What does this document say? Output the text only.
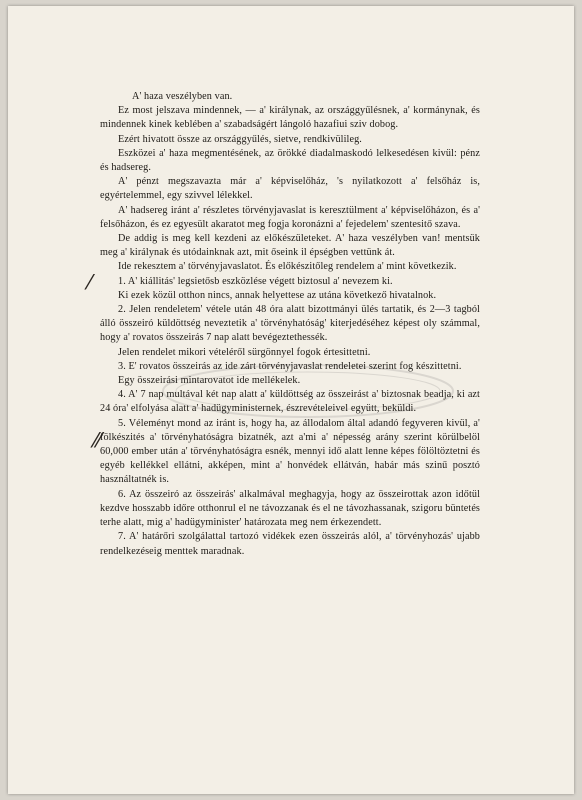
⁄
⁄⁄

A' haza veszélyben van.

Ez most jelszava mindennek, — a' királynak, az országgyűlésnek, a' kormánynak, és mindennek kinek keblében a' szabadságért lángoló hazafiui sziv dobog.

Ezért hivatott össze az országgyűlés, sietve, rendkivülileg.

Eszközei a' haza megmentésének, az örökké diadalmaskodó lelkesedésen kivül: pénz és hadsereg.

A' pénzt megszavazta már a' képviselőház, 's nyilatkozott a' felsőház is, egyértelemmel, egy szivvel lélekkel.

A' hadsereg iránt a' részletes törvényjavaslat is keresztülment a' képviselőházon, és a' felsőházon, és ez egyesült akaratot meg fogja koronázni a' fejedelem' szentesitő szava.

De addig is meg kell kezdeni az előkészületeket. A' haza veszélyben van! mentsük meg a' királynak és utódainknak azt, mit őseink il épségben vettünk át.

Ide rekesztem a' törvényjavaslatot. És előkészitőleg rendelem a' mint következik.

1. A' kiállitás' legsietősb eszközlése végett biztosul a' nevezem ki.

Ki ezek közül otthon nincs, annak helyettese az utána következő hivatalnok.

2. Jelen rendeletem' vétele után 48 óra alatt bizottmányi ülés tartatik, és 2—3 tagból álló összeiró küldöttség neveztetik a' törvényhatóság' kiterjedéséhez képest oly számmal, hogy a' rovatos összeirás 7 nap alatt bevégeztethessék.

Jelen rendelet mikori vételéről sürgönnyel fogok értesittetni.

3. E' rovatos összeirás az ide zárt törvényjavaslat rendeletei szerint fog készittetni.

Egy összeirási mintarovatot ide mellékelek.

4. A' 7 nap multával két nap alatt a' küldöttség az összeirást a' biztosnak beadja, ki azt 24 óra' elfolyása alatt a' hadügyministernek, észrevételeivel együtt, beküldi.

5. Véleményt mond az iránt is, hogy ha, az állodalom által adandó fegyveren kivül, a' fölkészités a' törvényhatóságra bizatnék, azt a'mi a' népesség arány szerint körülbelöl 60,000 ember után a' törvényhatóságra esnék, mennyi idő alatt lenne képes fölöltöztetni és egyéb kellékkel ellátni, akképen, mint a' honvédek ellátván, habár más szinű posztó használtatnék is.

6. Az összeiró az összeirás' alkalmával meghagyja, hogy az összeirottak azon időtül kezdve hosszabb időre otthonrul el ne távozzanak és el ne távozhassanak, szigoru büntetés terhe alatt, mig a' hadügyminister' határozata meg nem érkezendett.

7. A' határőri szolgálattal tartozó vidékek ezen összeirás alól, a' törvényhozás' ujabb rendelkezéseig menttek maradnak.
